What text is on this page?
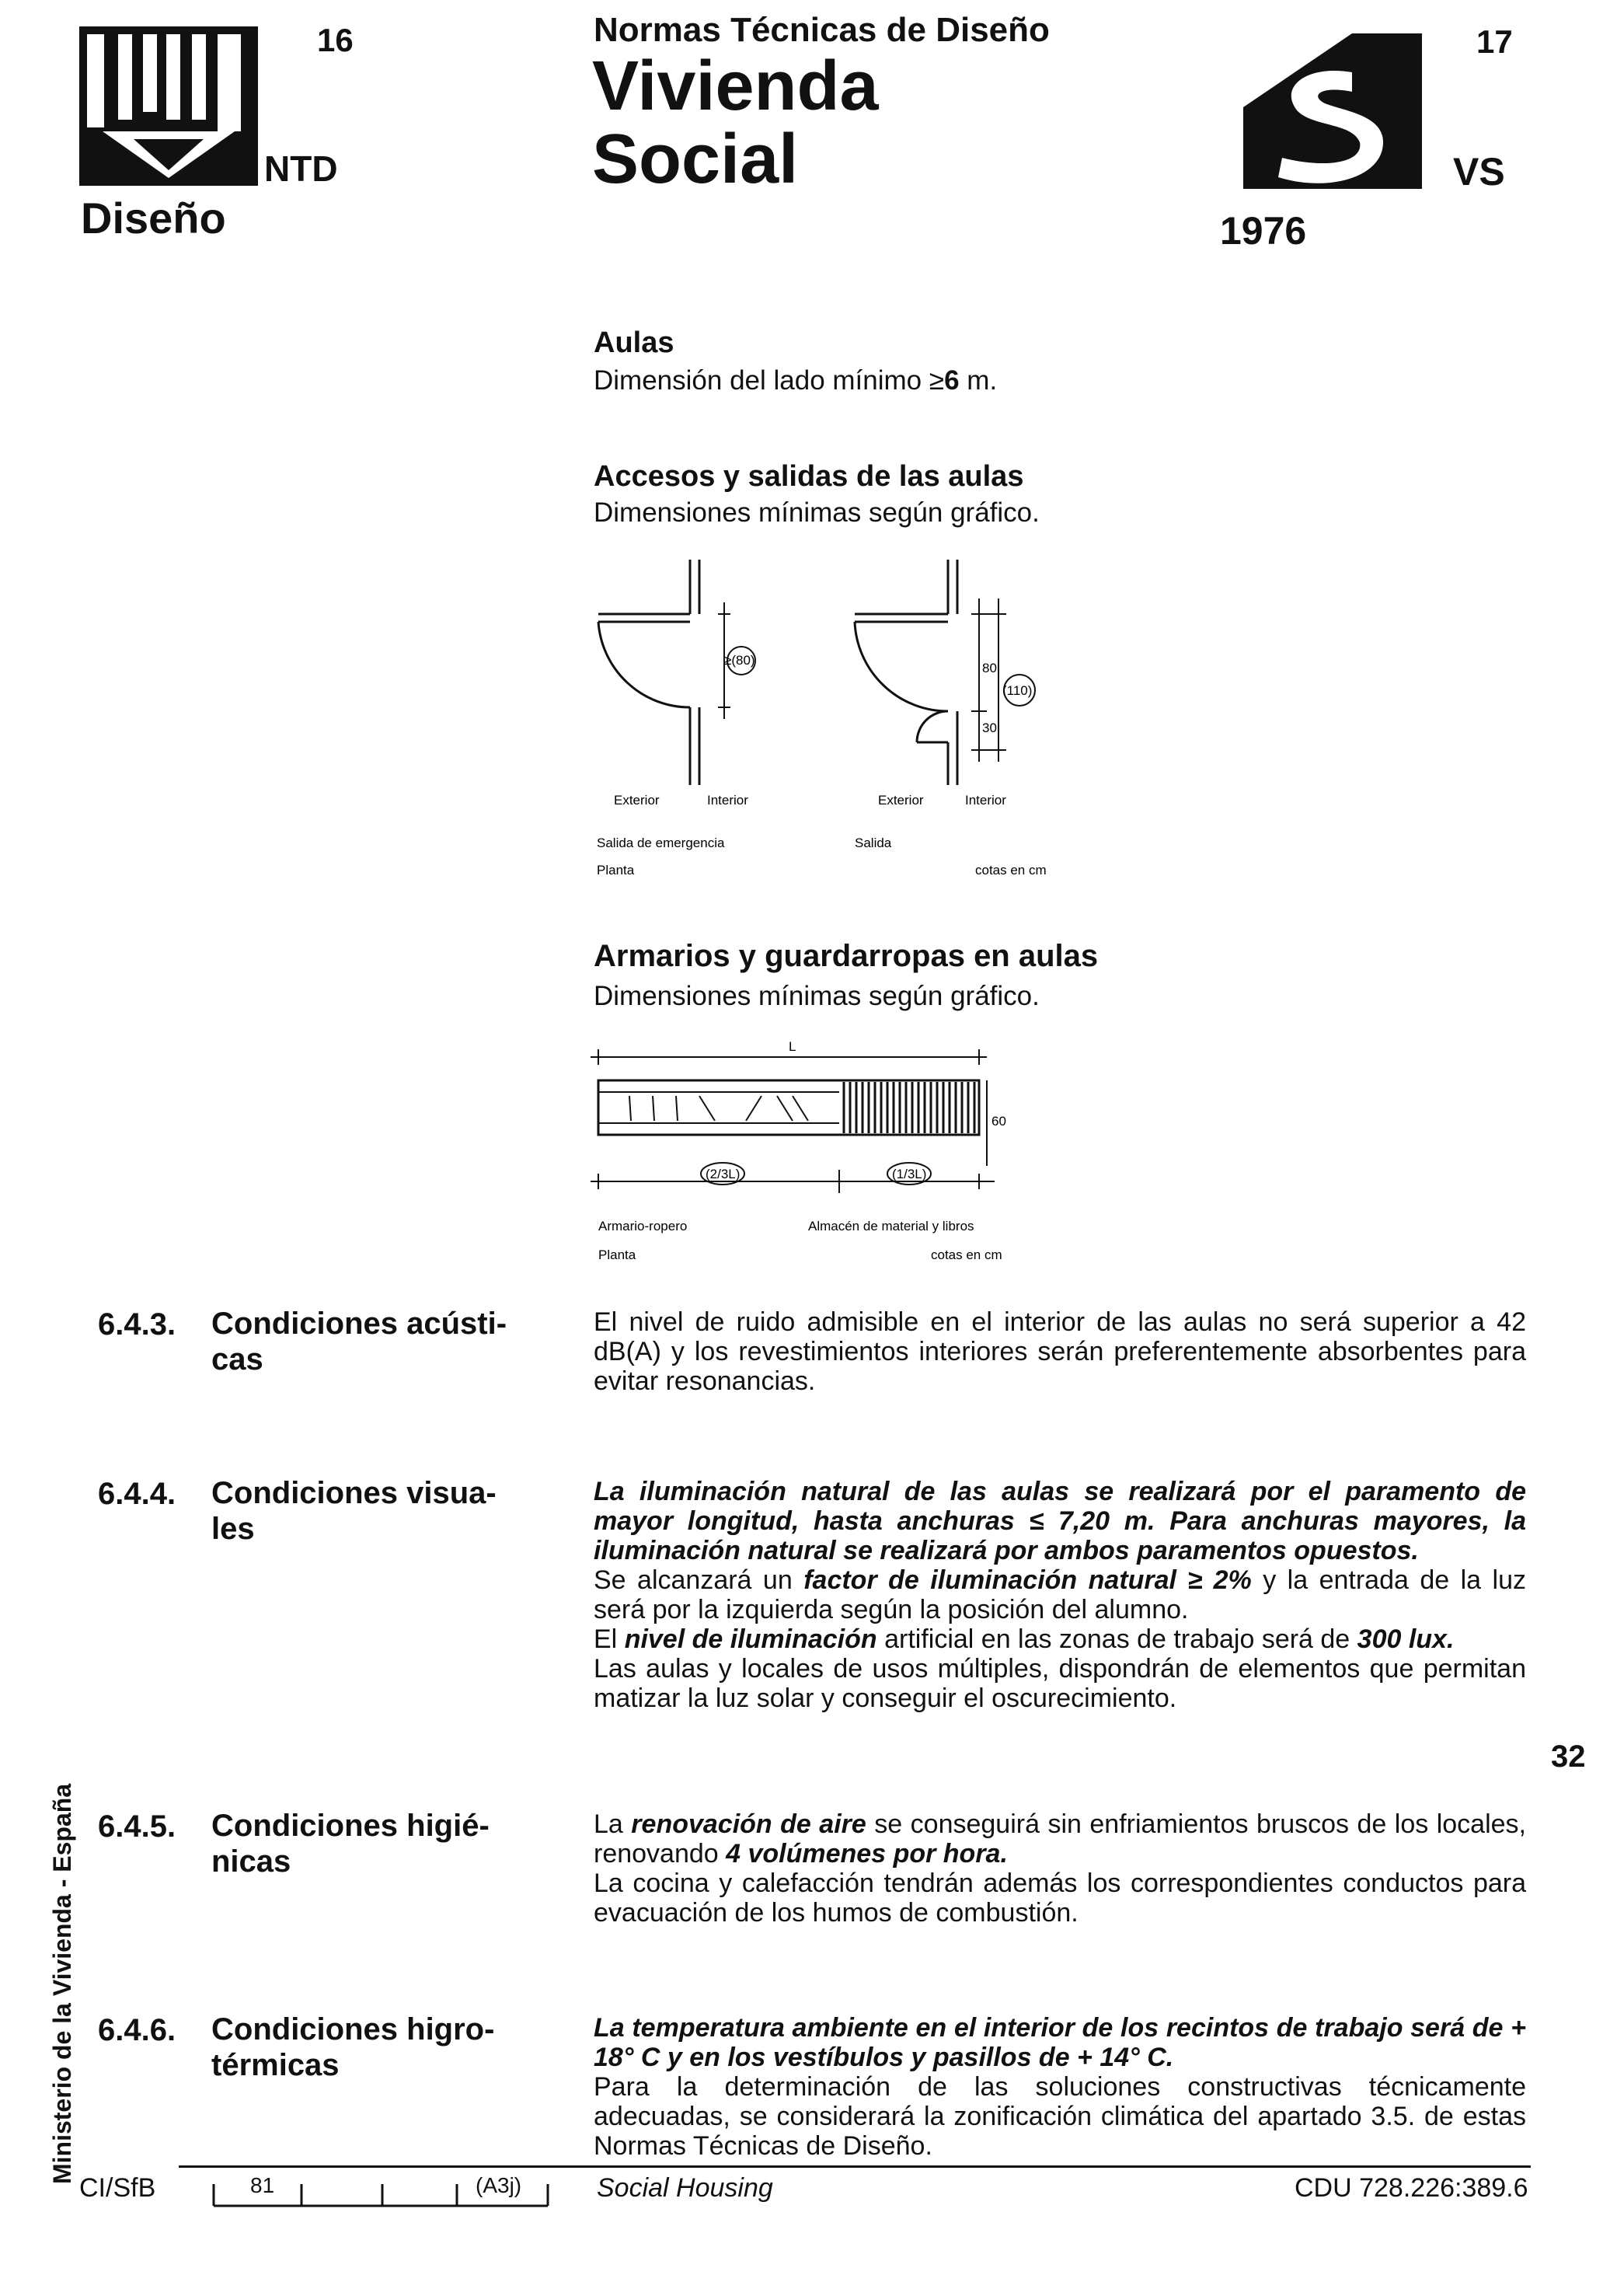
16
NTD
Diseño
Normas Técnicas de Diseño
Vivienda
Social
1976
17
VS
Aulas
Dimensión del lado mínimo ≥6 m.
Accesos y salidas de las aulas
Dimensiones mínimas según gráfico.
≥(80)
80
30
(110)
Exterior	Interior	Exterior	Interior
Salida de emergencia
Planta
Salida
cotas en cm
Armarios y guardarropas en aulas
Dimensiones mínimas según gráfico.
L
60
(2/3L)	(1/3L)
Armario-ropero
Planta
Almacén de material y libros
cotas en cm
6.4.3. Condiciones acústi-
cas

El nivel de ruido admisible en el interior de las aulas no será superior a 42 dB(A) y los revestimientos interiores serán preferentemente absorbentes para evitar resonancias.

6.4.4. Condiciones visua-
les

La iluminación natural de las aulas se realizará por el paramento de mayor longitud, hasta anchuras ≤ 7,20 m. Para anchuras mayores, la iluminación natural se realizará por ambos paramentos opuestos.

Se alcanzará un factor de iluminación natural ≥ 2% y la entrada de la luz será por la izquierda según la posición del alumno.

El nivel de iluminación artificial en las zonas de trabajo será de 300 lux.

Las aulas y locales de usos múltiples, dispondrán de elementos que permitan matizar la luz solar y conseguir el oscurecimiento.

6.4.5. Condiciones higié-
nicas

La renovación de aire se conseguirá sin enfriamientos bruscos de los locales, renovando 4 volúmenes por hora.

La cocina y calefacción tendrán además los correspondientes conductos para evacuación de los humos de combustión.

6.4.6. Condiciones higro-
térmicas

La temperatura ambiente en el interior de los recintos de trabajo será de + 18° C y en los vestíbulos y pasillos de + 14° C.

Para la determinación de las soluciones constructivas técnicamente adecuadas, se considerará la zonificación climática del apartado 3.5. de estas Normas Técnicas de Diseño.

Ministerio de la Vivienda - España
32
CI/SfB	81	(A3j)	Social Housing	CDU 728.226:389.6
